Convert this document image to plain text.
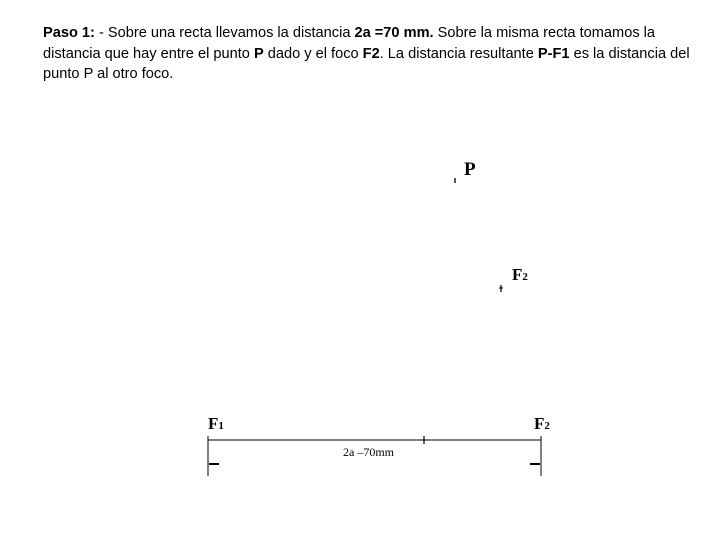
Paso 1: - Sobre una recta llevamos la distancia 2a =70 mm. Sobre la misma recta tomamos la distancia que hay entre el punto P dado y el foco F2. La distancia resultante P-F1 es la distancia del punto P al otro foco.

P
F2
F1	F2
2a –70mm
